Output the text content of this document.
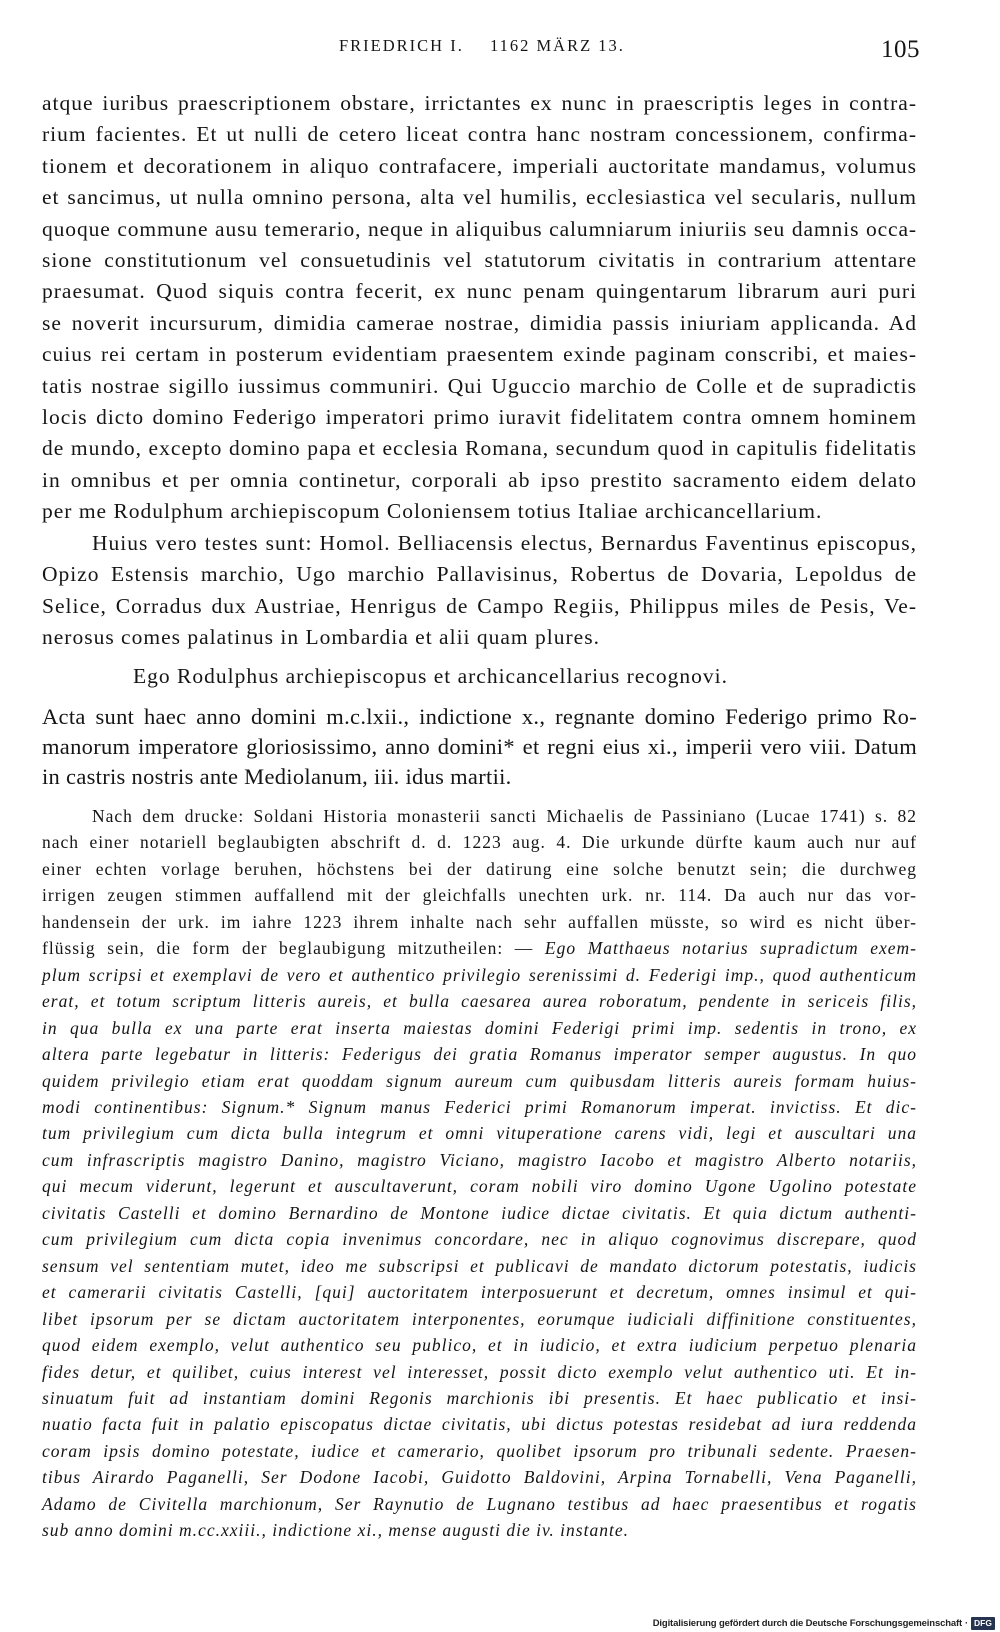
FRIEDRICH I. 1162 MÄRZ 13.	105
atque iuribus praescriptionem obstare, irrictantes ex nunc in praescriptis leges in contra-
rium facientes. Et ut nulli de cetero liceat contra hanc nostram concessionem, confirma-
tionem et decorationem in aliquo contrafacere, imperiali auctoritate mandamus, volumus
et sancimus, ut nulla omnino persona, alta vel humilis, ecclesiastica vel secularis, nullum
quoque commune ausu temerario, neque in aliquibus calumniarum iniuriis seu damnis occa-
sione constitutionum vel consuetudinis vel statutorum civitatis in contrarium attentare
praesumat. Quod siquis contra fecerit, ex nunc penam quingentarum librarum auri puri
se noverit incursurum, dimidia camerae nostrae, dimidia passis iniuriam applicanda. Ad
cuius rei certam in posterum evidentiam praesentem exinde paginam conscribi, et maies-
tatis nostrae sigillo iussimus communiri. Qui Uguccio marchio de Colle et de supradictis
locis dicto domino Federigo imperatori primo iuravit fidelitatem contra omnem hominem
de mundo, excepto domino papa et ecclesia Romana, secundum quod in capitulis fidelitatis
in omnibus et per omnia continetur, corporali ab ipso prestito sacramento eidem delato
per me Rodulphum archiepiscopum Coloniensem totius Italiae archicancellarium.
Huius vero testes sunt: Homol. Belliacensis electus, Bernardus Faventinus episcopus,
Opizo Estensis marchio, Ugo marchio Pallavisinus, Robertus de Dovaria, Lepoldus de
Selice, Corradus dux Austriae, Henrigus de Campo Regiis, Philippus miles de Pesis, Ve-
nerosus comes palatinus in Lombardia et alii quam plures.
Ego Rodulphus archiepiscopus et archicancellarius recognovi.
Acta sunt haec anno domini m.c.lxii., indictione x., regnante domino Federigo primo Ro-
manorum imperatore gloriosissimo, anno domini* et regni eius xi., imperii vero viii. Datum
in castris nostris ante Mediolanum, iii. idus martii.
Nach dem drucke: Soldani Historia monasterii sancti Michaelis de Passiniano (Lucae 1741) s. 82
nach einer notariell beglaubigten abschrift d. d. 1223 aug. 4. Die urkunde dürfte kaum auch nur auf
einer echten vorlage beruhen, höchstens bei der datirung eine solche benutzt sein; die durchweg
irrigen zeugen stimmen auffallend mit der gleichfalls unechten urk. nr. 114. Da auch nur das vor-
handensein der urk. im iahre 1223 ihrem inhalte nach sehr auffallen müsste, so wird es nicht über-
flüssig sein, die form der beglaubigung mitzutheilen: — Ego Matthaeus notarius supradictum exem-
plum scripsi et exemplavi de vero et authentico privilegio serenissimi d. Federigi imp., quod authenticum
erat, et totum scriptum litteris aureis, et bulla caesarea aurea roboratum, pendente in sericeis filis,
in qua bulla ex una parte erat inserta maiestas domini Federigi primi imp. sedentis in trono, ex
altera parte legebatur in litteris: Federigus dei gratia Romanus imperator semper augustus. In quo
quidem privilegio etiam erat quoddam signum aureum cum quibusdam litteris aureis formam huius-
modi continentibus: Signum.* Signum manus Federici primi Romanorum imperat. invictiss. Et dic-
tum privilegium cum dicta bulla integrum et omni vituperatione carens vidi, legi et auscultari una
cum infrascriptis magistro Danino, magistro Viciano, magistro Iacobo et magistro Alberto notariis,
qui mecum viderunt, legerunt et auscultaverunt, coram nobili viro domino Ugone Ugolino potestate
civitatis Castelli et domino Bernardino de Montone iudice dictae civitatis. Et quia dictum authenti-
cum privilegium cum dicta copia invenimus concordare, nec in aliquo cognovimus discrepare, quod
sensum vel sententiam mutet, ideo me subscripsi et publicavi de mandato dictorum potestatis, iudicis
et camerarii civitatis Castelli, [qui] auctoritatem interposuerunt et decretum, omnes insimul et qui-
libet ipsorum per se dictam auctoritatem interponentes, eorumque iudiciali diffinitione constituentes,
quod eidem exemplo, velut authentico seu publico, et in iudicio, et extra iudicium perpetuo plenaria
fides detur, et quilibet, cuius interest vel interesset, possit dicto exemplo velut authentico uti. Et in-
sinuatum fuit ad instantiam domini Regonis marchionis ibi presentis. Et haec publicatio et insi-
nuatio facta fuit in palatio episcopatus dictae civitatis, ubi dictus potestas residebat ad iura reddenda
coram ipsis domino potestate, iudice et camerario, quolibet ipsorum pro tribunali sedente. Praesen-
tibus Airardo Paganelli, Ser Dodone Iacobi, Guidotto Baldovini, Arpina Tornabelli, Vena Paganelli,
Adamo de Civitella marchionum, Ser Raynutio de Lugnano testibus ad haec praesentibus et rogatis
sub anno domini m.cc.xxiii., indictione xi., mense augusti die iv. instante.
Digitalisierung gefördert durch die Deutsche Forschungsgemeinschaft · DFG
